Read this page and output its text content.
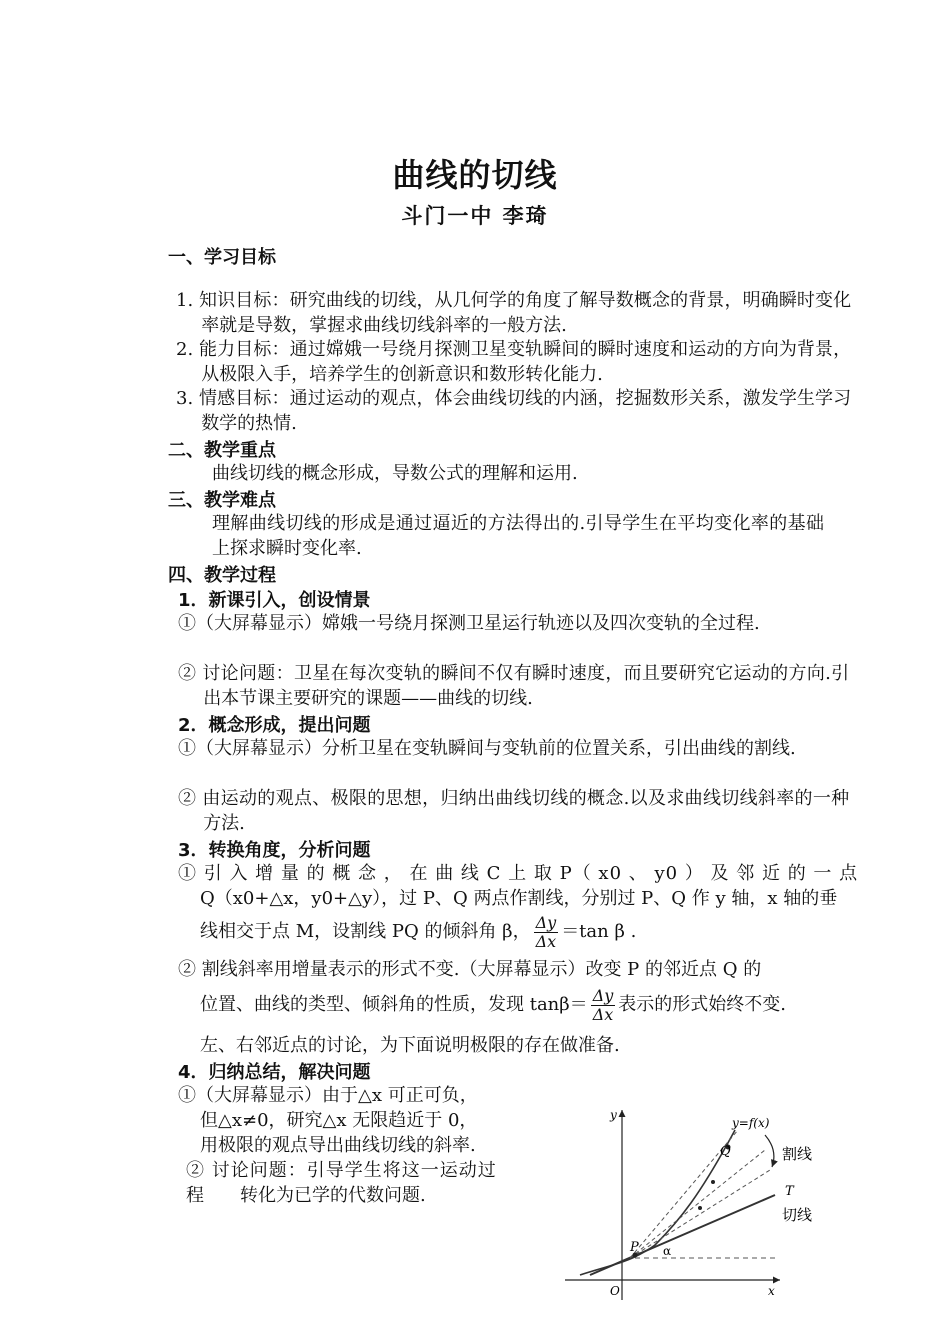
曲线的切线
斗门一中 李琦
一、学习目标
1. 知识目标：研究曲线的切线，从几何学的角度了解导数概念的背景，明确瞬时变化率就是导数，掌握求曲线切线斜率的一般方法.
2. 能力目标：通过嫦娥一号绕月探测卫星变轨瞬间的瞬时速度和运动的方向为背景，从极限入手，培养学生的创新意识和数形转化能力.
3. 情感目标：通过运动的观点，体会曲线切线的内涵，挖掘数形关系，激发学生学习数学的热情.
二、教学重点
曲线切线的概念形成，导数公式的理解和运用.
三、教学难点
理解曲线切线的形成是通过逼近的方法得出的.引导学生在平均变化率的基础上探求瞬时变化率.
四、教学过程
1．新课引入，创设情景
①（大屏幕显示）嫦娥一号绕月探测卫星运行轨迹以及四次变轨的全过程.
② 讨论问题：卫星在每次变轨的瞬间不仅有瞬时速度，而且要研究它运动的方向.引出本节课主要研究的课题——曲线的切线.
2．概念形成，提出问题
①（大屏幕显示）分析卫星在变轨瞬间与变轨前的位置关系，引出曲线的割线.
② 由运动的观点、极限的思想，归纳出曲线切线的概念.以及求曲线切线斜率的一种方法.
3．转换角度，分析问题
① 引 入 增 量 的 概 念 ， 在 曲 线 C 上 取 P（ x0 、 y0 ） 及 邻 近 的 一 点
Q（x0+△x，y0+△y），过 P、Q 两点作割线，分别过 P、Q 作 y 轴，x 轴的垂
线相交于点 M，设割线 PQ 的倾斜角 β， $\frac{\Delta y}{\Delta x} =\tan$ β .
② 割线斜率用增量表示的形式不变.（大屏幕显示）改变 P 的邻近点 Q 的
位置、曲线的类型、倾斜角的性质，发现 $\tan\beta= \frac{\Delta y}{\Delta x}$ 表示的形式始终不变.
左、右邻近点的讨论，为下面说明极限的存在做准备.
4．归纳总结，解决问题
①（大屏幕显示）由于△x 可正可负，
但△x≠0，研究△x 无限趋近于 0，
用极限的观点导出曲线切线的斜率.
② 讨论问题：引导学生将这一运动过
程　　转化为已学的代数问题.
y=f(x)
割线
T
切线
Q
P α
O	x
y
